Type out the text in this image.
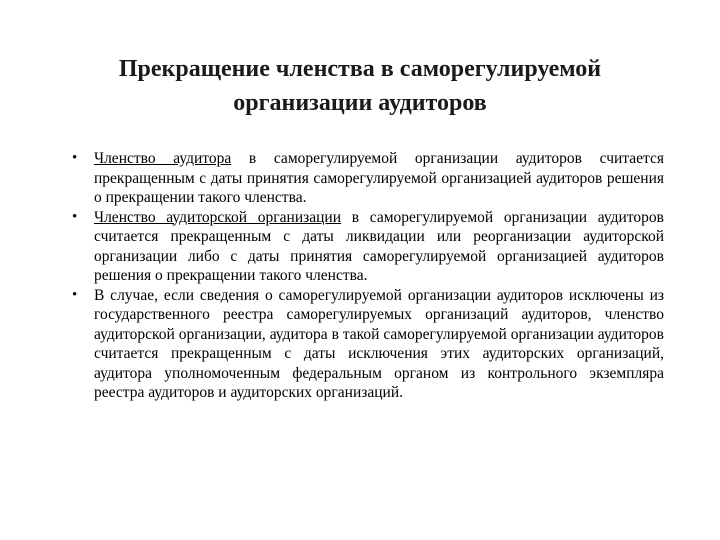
Прекращение членства в саморегулируемой
организации аудиторов
• Членство аудитора в саморегулируемой организации аудиторов считается прекращенным с даты принятия саморегулируемой организацией аудиторов решения о прекращении такого членства.
• Членство аудиторской организации в саморегулируемой организации аудиторов считается прекращенным с даты ликвидации или реорганизации аудиторской организации либо с даты принятия саморегулируемой организацией аудиторов решения о прекращении такого членства.
• В случае, если сведения о саморегулируемой организации аудиторов исключены из государственного реестра саморегулируемых организаций аудиторов, членство аудиторской организации, аудитора в такой саморегулируемой организации аудиторов считается прекращенным с даты исключения этих аудиторских организаций, аудитора уполномоченным федеральным органом из контрольного экземпляра реестра аудиторов и аудиторских организаций.
